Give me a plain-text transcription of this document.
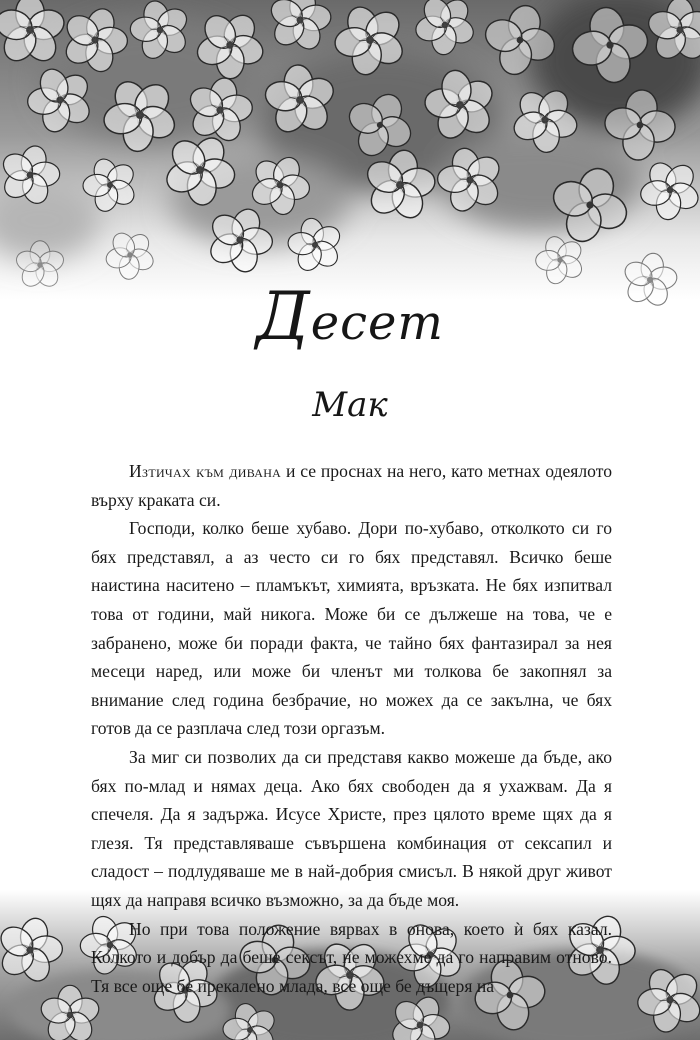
Десет
Мак

Изтичах към дивана и се проснах на него, като метнах одеялото върху краката си.

Господи, колко беше хубаво. Дори по-хубаво, отколкото си го бях представял, а аз често си го бях представял. Всичко беше наистина наситено – пламъкът, химията, връзката. Не бях изпитвал това от години, май никога. Може би се дължеше на това, че е забранено, може би поради факта, че тайно бях фантазирал за нея месеци наред, или може би членът ми толкова бе закопнял за внимание след година безбрачие, но можех да се закълна, че бях готов да се разплача след този оргазъм.

За миг си позволих да си представя какво можеше да бъде, ако бях по-млад и нямах деца. Ако бях свободен да я ухажвам. Да я спечеля. Да я задържа. Исусе Христе, през цялото време щях да я глезя. Тя представляваше съвършена комбинация от сексапил и сладост – подлудяваше ме в най-добрия смисъл. В някой друг живот щях да направя всичко възможно, за да бъде моя.

Но при това положение вярвах в онова, което ѝ бях казал. Колкото и добър да беше сексът, не можехме да го направим отново. Тя все още бе прекалено млада, все още бе дъщеря на
